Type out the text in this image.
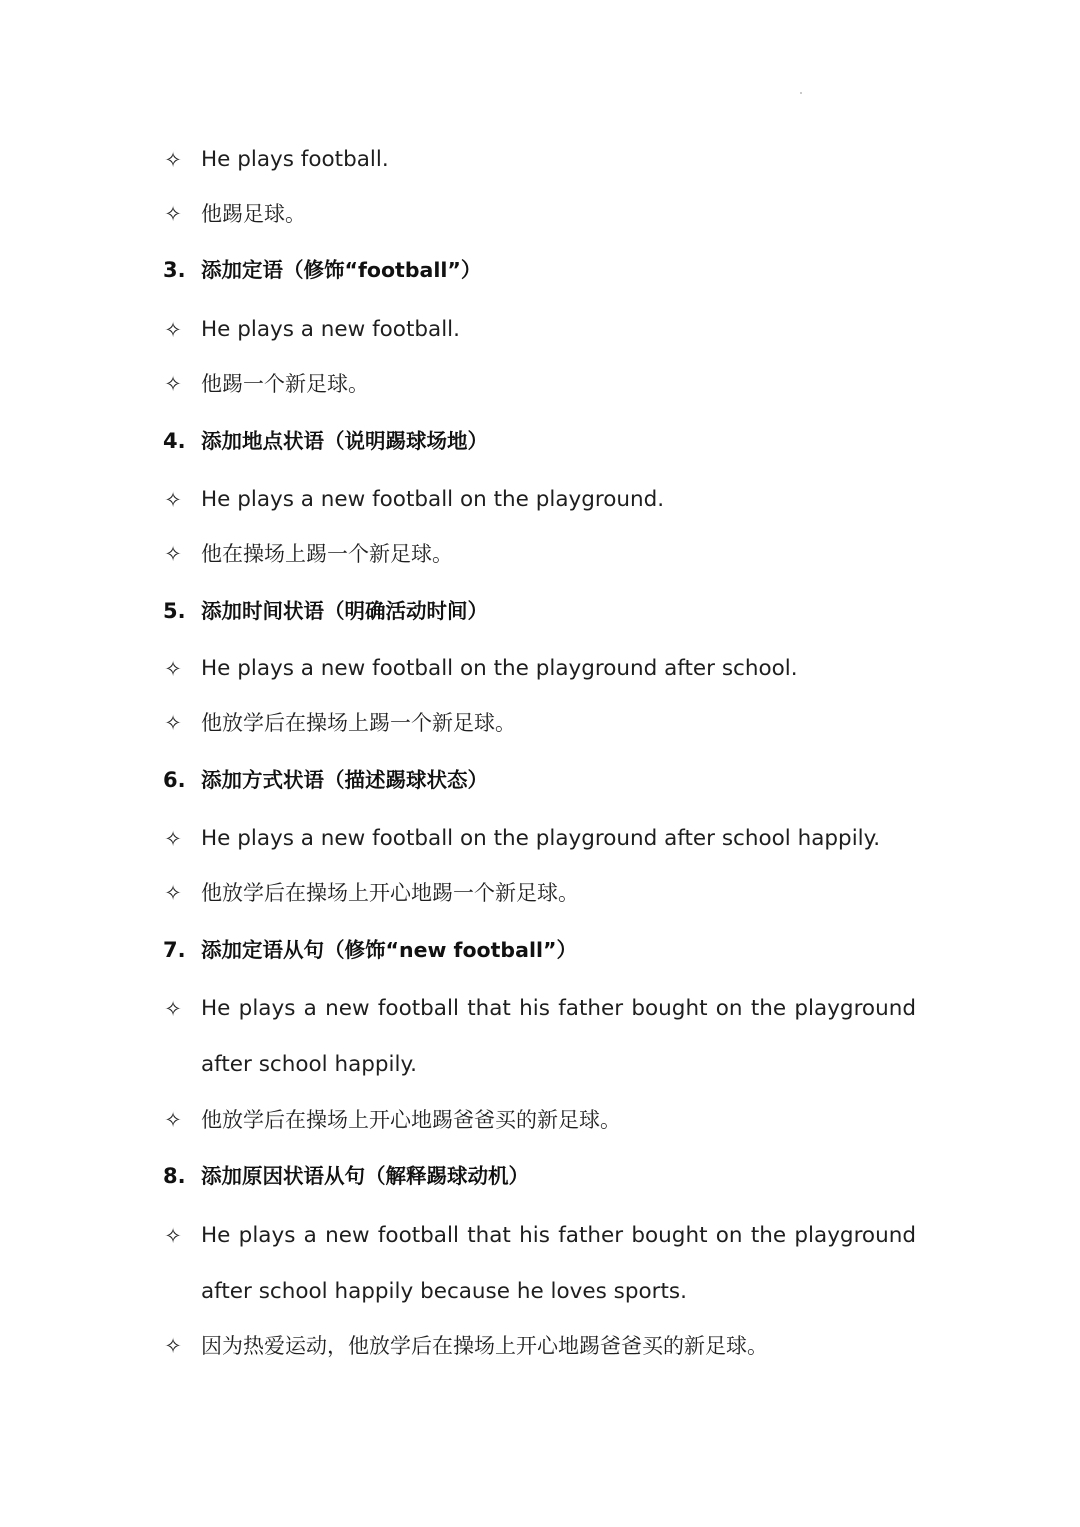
✧ He plays football.
✧ 他踢足球。
3. 添加定语（修饰“football”）
✧ He plays a new football.
✧ 他踢一个新足球。
4. 添加地点状语（说明踢球场地）
✧ He plays a new football on the playground.
✧ 他在操场上踢一个新足球。
5. 添加时间状语（明确活动时间）
✧ He plays a new football on the playground after school.
✧ 他放学后在操场上踢一个新足球。
6. 添加方式状语（描述踢球状态）
✧ He plays a new football on the playground after school happily.
✧ 他放学后在操场上开心地踢一个新足球。
7. 添加定语从句（修饰“new football”）
✧ He plays a new football that his father bought on the playground
after school happily.
✧ 他放学后在操场上开心地踢爸爸买的新足球。
8. 添加原因状语从句（解释踢球动机）
✧ He plays a new football that his father bought on the playground
after school happily because he loves sports.
✧ 因为热爱运动，他放学后在操场上开心地踢爸爸买的新足球。
